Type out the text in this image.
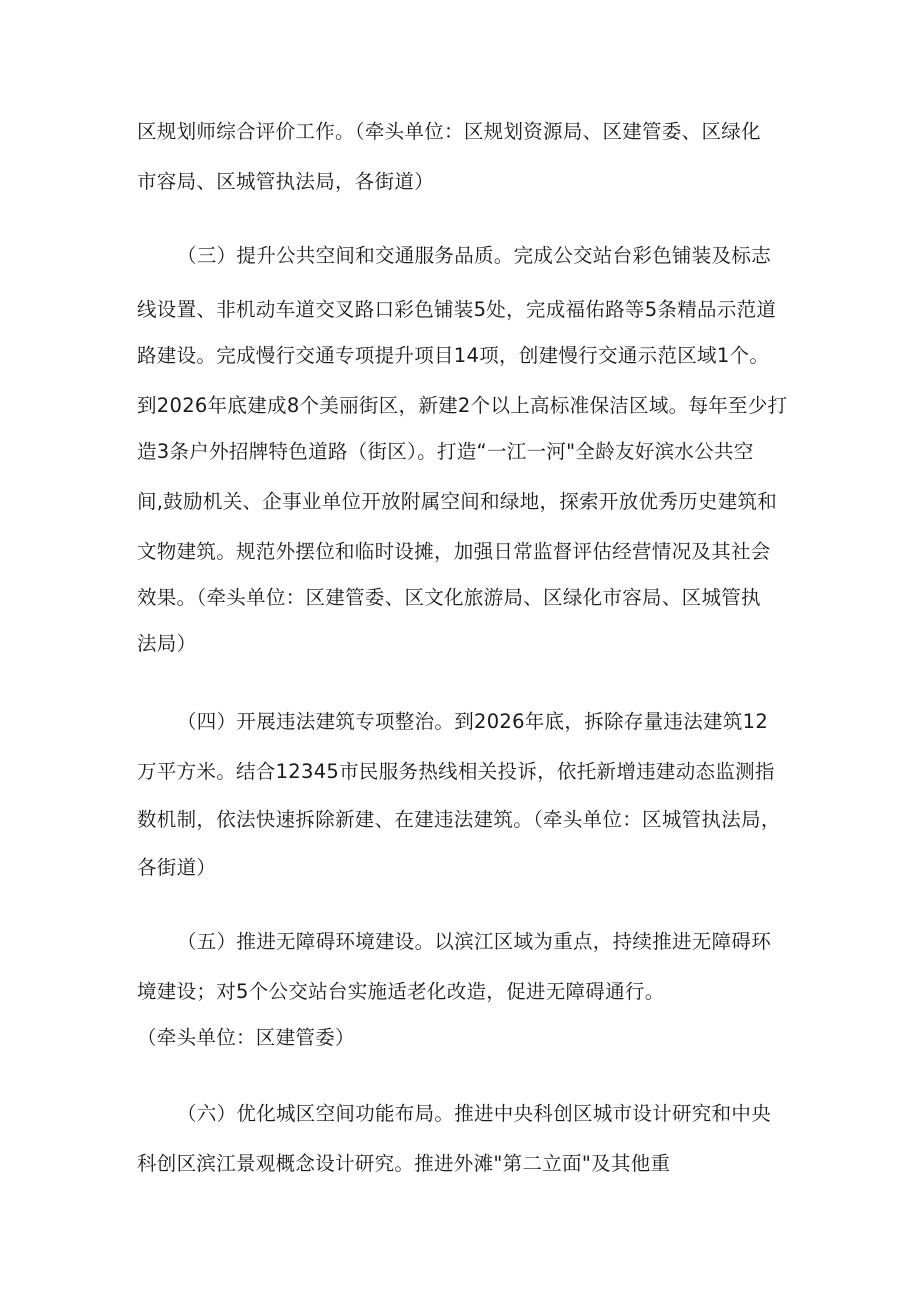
区规划师综合评价工作。（牵头单位：区规划资源局、区建管委、区绿化

市容局、区城管执法局，各街道）

（三）提升公共空间和交通服务品质。完成公交站台彩色铺装及标志

线设置、非机动车道交叉路口彩色铺装5处，完成福佑路等5条精品示范道

路建设。完成慢行交通专项提升项目14项，创建慢行交通示范区域1个。

到2026年底建成8个美丽街区，新建2个以上高标准保洁区域。每年至少打

造3条户外招牌特色道路（街区）。打造“一江一河"全龄友好滨水公共空

间,鼓励机关、企事业单位开放附属空间和绿地，探索开放优秀历史建筑和

文物建筑。规范外摆位和临时设摊，加强日常监督评估经营情况及其社会

效果。（牵头单位：区建管委、区文化旅游局、区绿化市容局、区城管执

法局）

（四）开展违法建筑专项整治。到2026年底，拆除存量违法建筑12

万平方米。结合12345市民服务热线相关投诉，依托新增违建动态监测指

数机制，依法快速拆除新建、在建违法建筑。（牵头单位：区城管执法局，

各街道）

（五）推进无障碍环境建设。以滨江区域为重点，持续推进无障碍环

境建设；对5个公交站台实施适老化改造，促进无障碍通行。

（牵头单位：区建管委）

（六）优化城区空间功能布局。推进中央科创区城市设计研究和中央

科创区滨江景观概念设计研究。推进外滩"第二立面"及其他重
